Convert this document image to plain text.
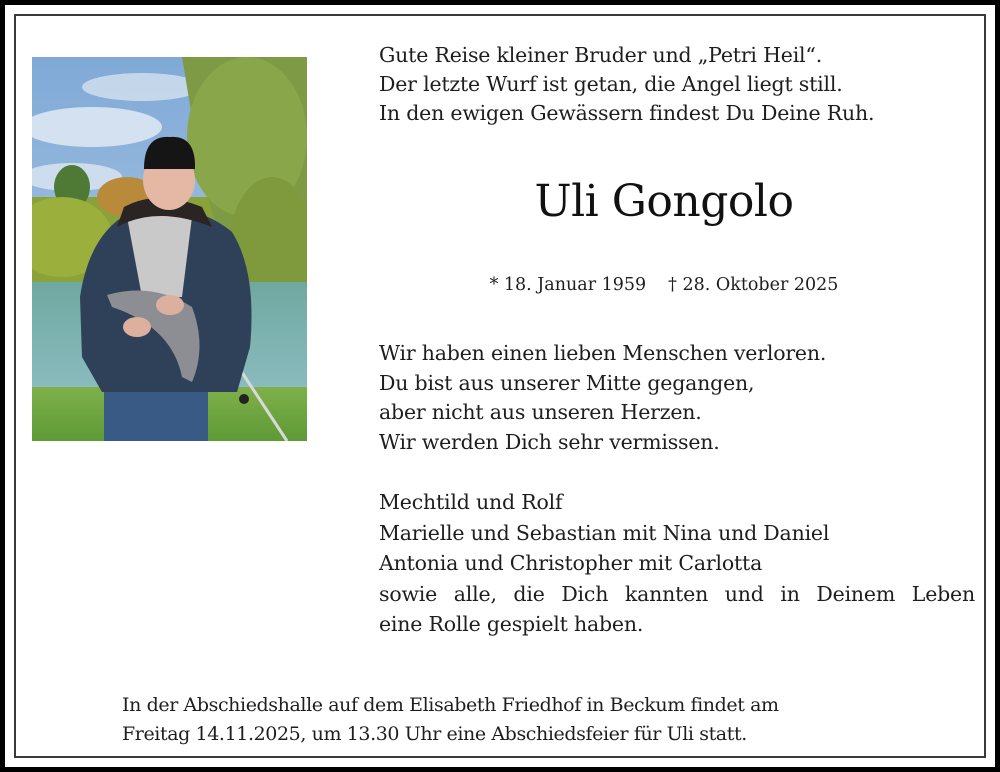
Gute Reise kleiner Bruder und „Petri Heil“.
Der letzte Wurf ist getan, die Angel liegt still.
In den ewigen Gewässern findest Du Deine Ruh.
Uli Gongolo
* 18. Januar 1959 † 28. Oktober 2025
Wir haben einen lieben Menschen verloren.
Du bist aus unserer Mitte gegangen,
aber nicht aus unseren Herzen.
Wir werden Dich sehr vermissen.
Mechtild und Rolf
Marielle und Sebastian mit Nina und Daniel
Antonia und Christopher mit Carlotta
sowie alle, die Dich kannten und in Deinem Leben
eine Rolle gespielt haben.
In der Abschiedshalle auf dem Elisabeth Friedhof in Beckum findet am
Freitag 14.11.2025, um 13.30 Uhr eine Abschiedsfeier für Uli statt.
